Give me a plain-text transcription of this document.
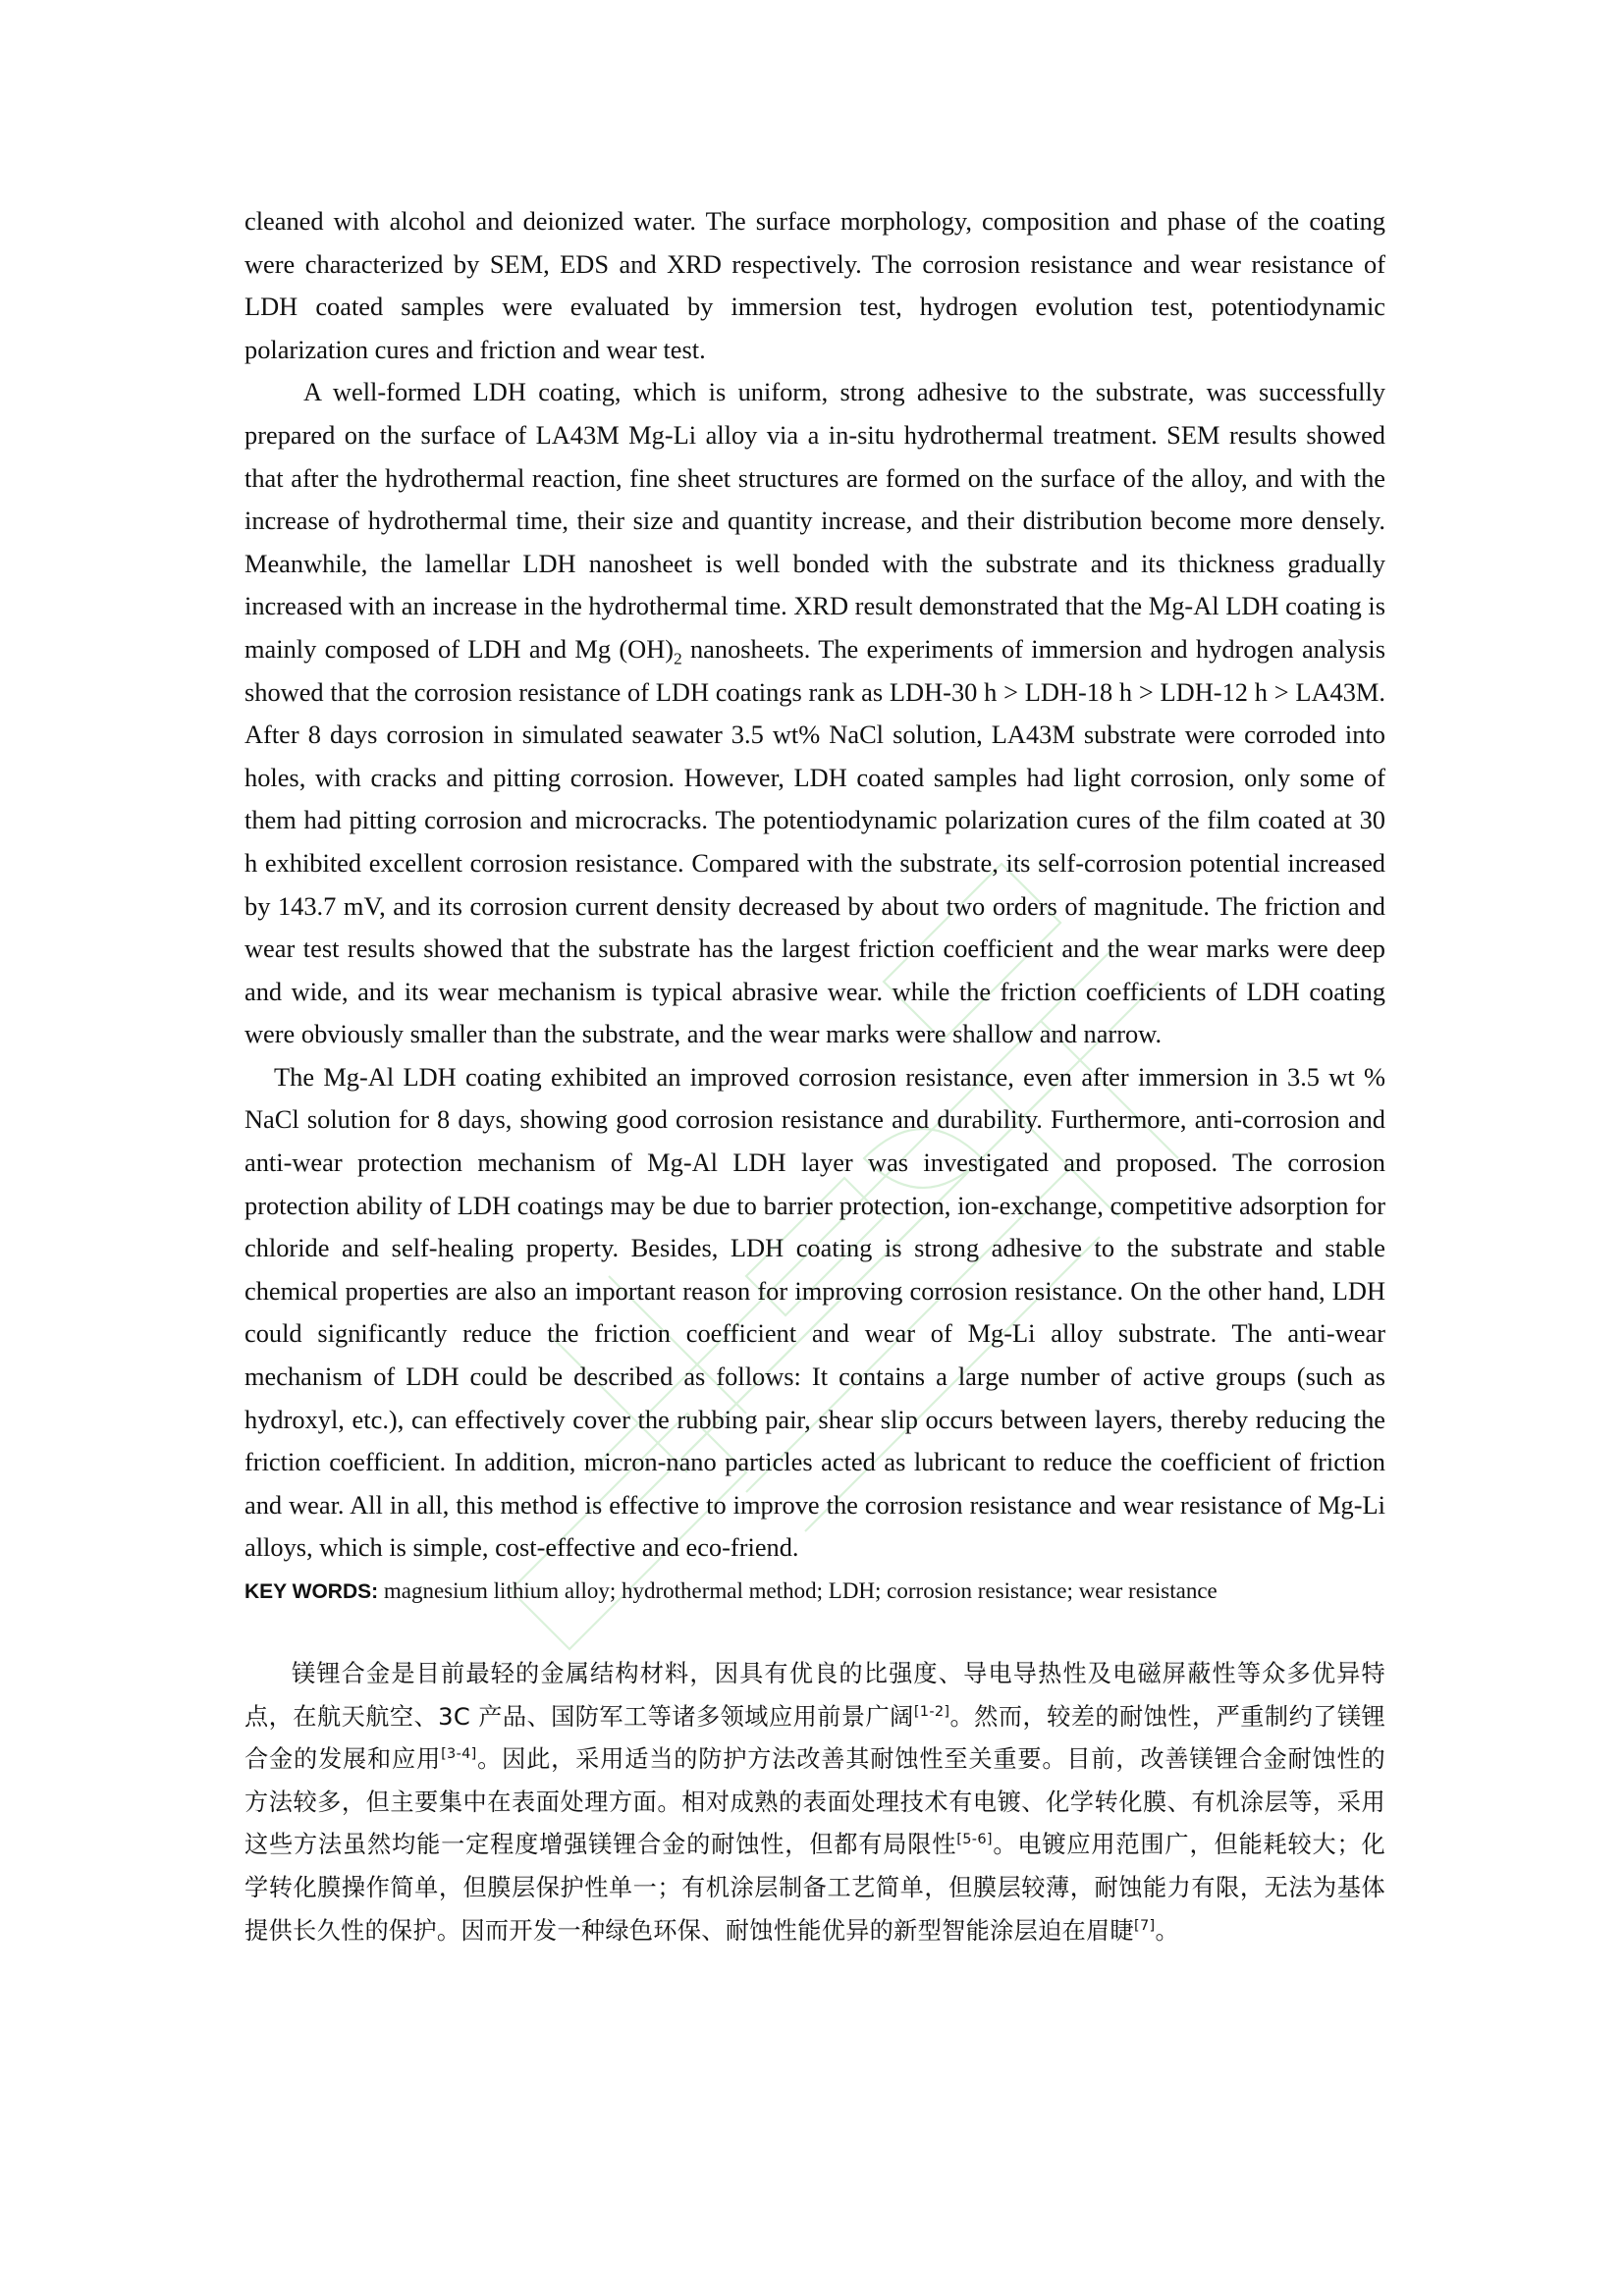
cleaned with alcohol and deionized water. The surface morphology, composition and phase of the coating were characterized by SEM, EDS and XRD respectively. The corrosion resistance and wear resistance of LDH coated samples were evaluated by immersion test, hydrogen evolution test, potentiodynamic polarization cures and friction and wear test.

A well-formed LDH coating, which is uniform, strong adhesive to the substrate, was successfully prepared on the surface of LA43M Mg-Li alloy via a in-situ hydrothermal treatment. SEM results showed that after the hydrothermal reaction, fine sheet structures are formed on the surface of the alloy, and with the increase of hydrothermal time, their size and quantity increase, and their distribution become more densely. Meanwhile, the lamellar LDH nanosheet is well bonded with the substrate and its thickness gradually increased with an increase in the hydrothermal time. XRD result demonstrated that the Mg-Al LDH coating is mainly composed of LDH and Mg $(OH)_2$ nanosheets. The experiments of immersion and hydrogen analysis showed that the corrosion resistance of LDH coatings rank as LDH-30 h > LDH-18 h > LDH-12 h > LA43M. After 8 days corrosion in simulated seawater 3.5 wt% NaCl solution, LA43M substrate were corroded into holes, with cracks and pitting corrosion. However, LDH coated samples had light corrosion, only some of them had pitting corrosion and microcracks. The potentiodynamic polarization cures of the film coated at 30 h exhibited excellent corrosion resistance. Compared with the substrate, its self-corrosion potential increased by 143.7 mV, and its corrosion current density decreased by about two orders of magnitude. The friction and wear test results showed that the substrate has the largest friction coefficient and the wear marks were deep and wide, and its wear mechanism is typical abrasive wear. while the friction coefficients of LDH coating were obviously smaller than the substrate, and the wear marks were shallow and narrow.

The Mg-Al LDH coating exhibited an improved corrosion resistance, even after immersion in 3.5 wt % NaCl solution for 8 days, showing good corrosion resistance and durability. Furthermore, anti-corrosion and anti-wear protection mechanism of Mg-Al LDH layer was investigated and proposed. The corrosion protection ability of LDH coatings may be due to barrier protection, ion-exchange, competitive adsorption for chloride and self-healing property. Besides, LDH coating is strong adhesive to the substrate and stable chemical properties are also an important reason for improving corrosion resistance. On the other hand, LDH could significantly reduce the friction coefficient and wear of Mg-Li alloy substrate. The anti-wear mechanism of LDH could be described as follows: It contains a large number of active groups (such as hydroxyl, etc.), can effectively cover the rubbing pair, shear slip occurs between layers, thereby reducing the friction coefficient. In addition, micron-nano particles acted as lubricant to reduce the coefficient of friction and wear. All in all, this method is effective to improve the corrosion resistance and wear resistance of Mg-Li alloys, which is simple, cost-effective and eco-friend.

KEY WORDS: magnesium lithium alloy; hydrothermal method; LDH; corrosion resistance; wear resistance

镁锂合金是目前最轻的金属结构材料，因具有优良的比强度、导电导热性及电磁屏蔽性等众多优异特点，在航天航空、3C 产品、国防军工等诸多领域应用前景广阔[1-2]。然而，较差的耐蚀性，严重制约了镁锂合金的发展和应用[3-4]。因此，采用适当的防护方法改善其耐蚀性至关重要。目前，改善镁锂合金耐蚀性的方法较多，但主要集中在表面处理方面。相对成熟的表面处理技术有电镀、化学转化膜、有机涂层等，采用这些方法虽然均能一定程度增强镁锂合金的耐蚀性，但都有局限性[5-6]。电镀应用范围广，但能耗较大；化学转化膜操作简单，但膜层保护性单一；有机涂层制备工艺简单，但膜层较薄，耐蚀能力有限，无法为基体提供长久性的保护。因而开发一种绿色环保、耐蚀性能优异的新型智能涂层迫在眉睫[7]。
